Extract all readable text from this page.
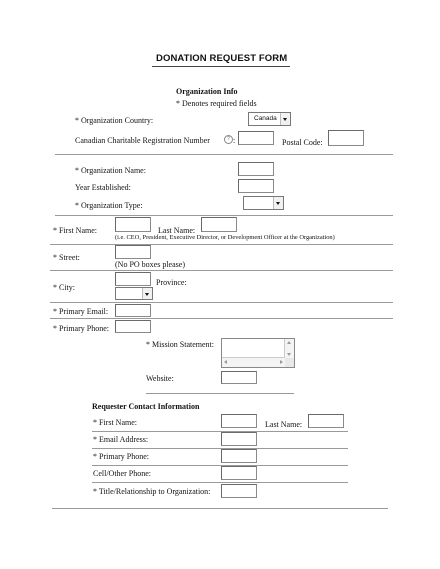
DONATION REQUEST FORM
Organization Info
* Denotes required fields
* Organization Country:	Canada
Canadian Charitable Registration Number	? :	Postal Code:
* Organization Name:
Year Established:
* Organization Type:
* First Name:	Last Name:
(i.e. CEO, President, Executive Director, or Development Officer at the Organization)
* Street:
(No PO boxes please)
* City:
Province:
* Primary Email:
* Primary Phone:
* Mission Statement:
Website:
Requester Contact Information
* First Name:	Last Name:
* Email Address:
* Primary Phone:
Cell/Other Phone:
* Title/Relationship to Organization:
